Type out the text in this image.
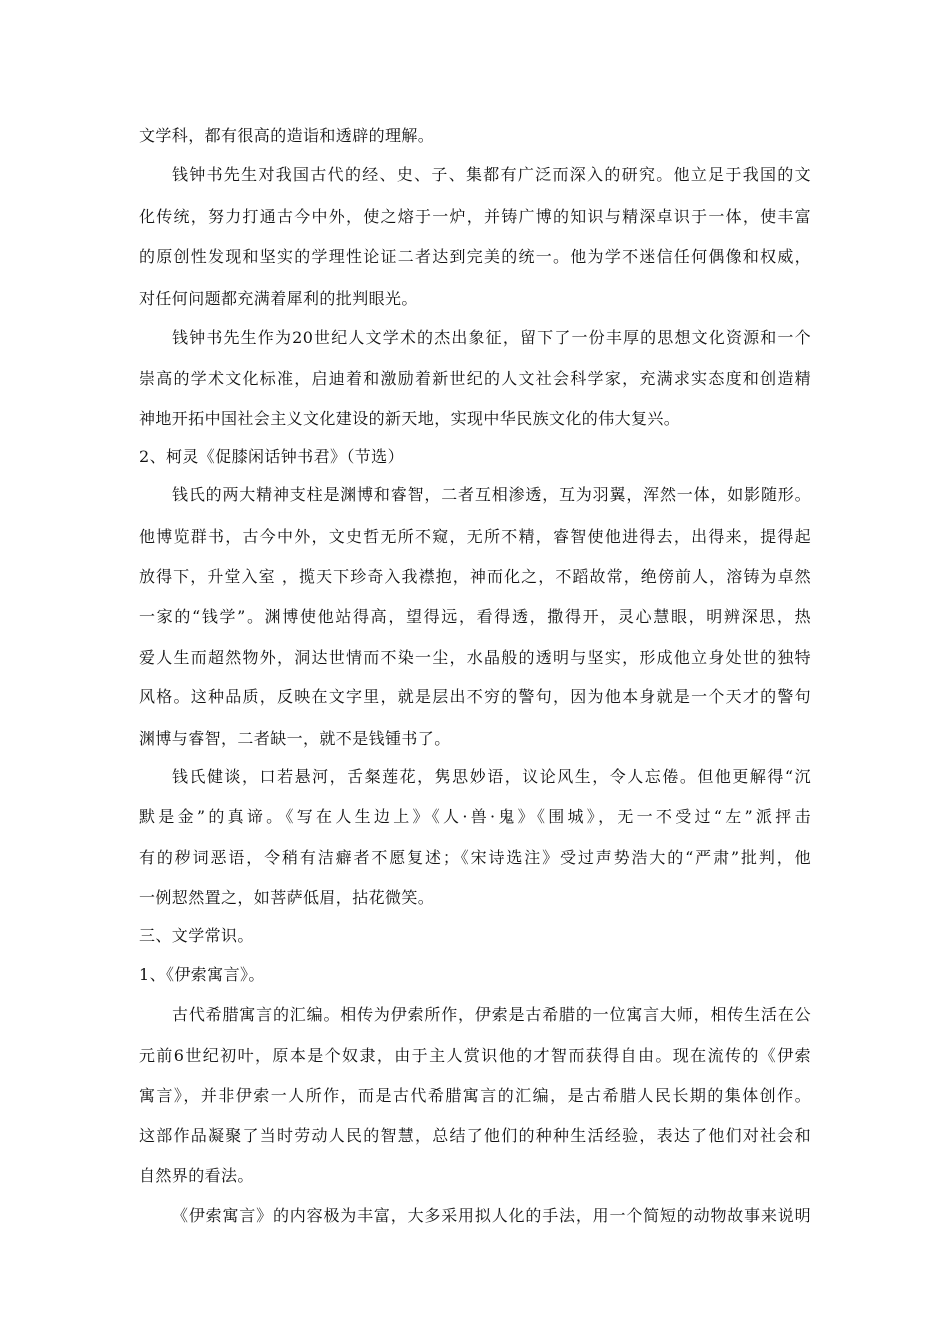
文学科，都有很高的造诣和透辟的理解。
钱钟书先生对我国古代的经、史、子、集都有广泛而深入的研究。他立足于我国的文
化传统，努力打通古今中外，使之熔于一炉，并铸广博的知识与精深卓识于一体，使丰富
的原创性发现和坚实的学理性论证二者达到完美的统一。他为学不迷信任何偶像和权威，
对任何问题都充满着犀利的批判眼光。
钱钟书先生作为20世纪人文学术的杰出象征，留下了一份丰厚的思想文化资源和一个
崇高的学术文化标准，启迪着和激励着新世纪的人文社会科学家，充满求实态度和创造精
神地开拓中国社会主义文化建设的新天地，实现中华民族文化的伟大复兴。
2、柯灵《促膝闲话钟书君》（节选）
钱氏的两大精神支柱是渊博和睿智，二者互相渗透，互为羽翼，浑然一体，如影随形。
他博览群书，古今中外，文史哲无所不窥，无所不精，睿智使他进得去，出得来，提得起
放得下，升堂入室 ，揽天下珍奇入我襟抱，神而化之，不蹈故常，绝傍前人，溶铸为卓然
一家的“钱学”。渊博使他站得高，望得远，看得透，撒得开，灵心慧眼，明辨深思，热
爱人生而超然物外，洞达世情而不染一尘，水晶般的透明与坚实，形成他立身处世的独特
风格。这种品质，反映在文字里，就是层出不穷的警句，因为他本身就是一个天才的警句
渊博与睿智，二者缺一，就不是钱锺书了。
钱氏健谈，口若悬河，舌粲莲花，隽思妙语，议论风生，令人忘倦。但他更解得“沉
默是金”的真谛。《写在人生边上》《人·兽·鬼》《围城》，无一不受过“左”派抨击
有的秽词恶语，令稍有洁癖者不愿复述；《宋诗选注》受过声势浩大的“严肃”批判，他
一例恝然置之，如菩萨低眉，拈花微笑。
三、文学常识。
1、《伊索寓言》。
古代希腊寓言的汇编。相传为伊索所作，伊索是古希腊的一位寓言大师，相传生活在公
元前6世纪初叶，原本是个奴隶，由于主人赏识他的才智而获得自由。现在流传的《伊索
寓言》，并非伊索一人所作，而是古代希腊寓言的汇编，是古希腊人民长期的集体创作。
这部作品凝聚了当时劳动人民的智慧，总结了他们的种种生活经验，表达了他们对社会和
自然界的看法。
《伊索寓言》的内容极为丰富，大多采用拟人化的手法，用一个简短的动物故事来说明
